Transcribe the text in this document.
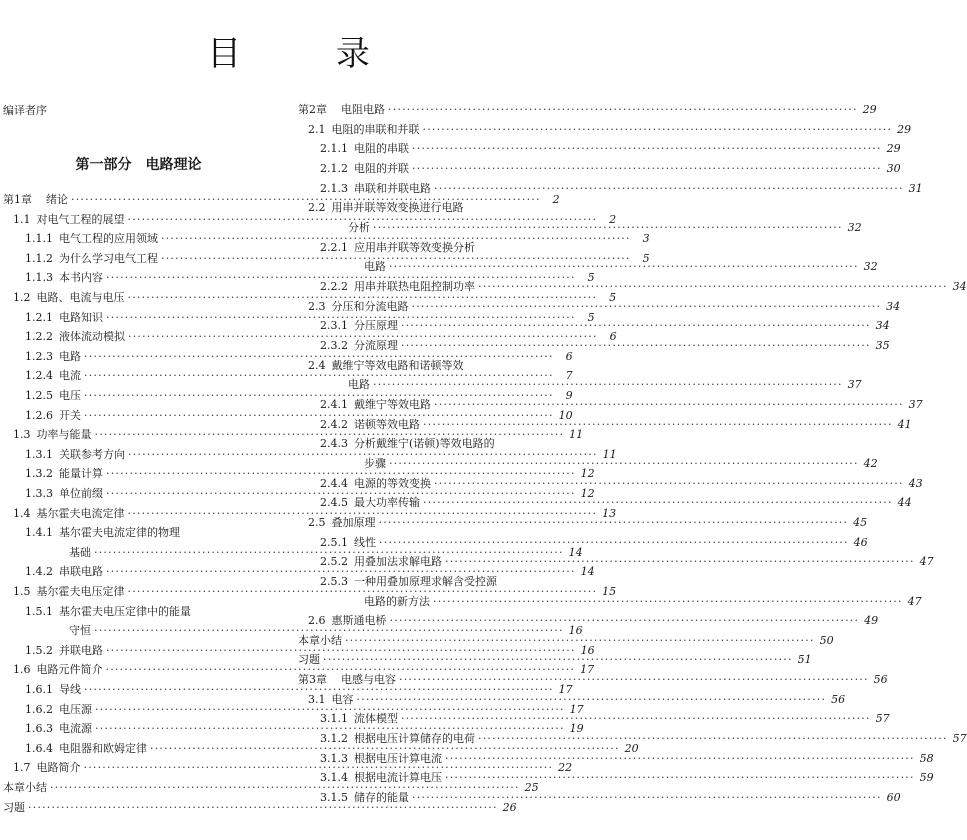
目 录
编译者序
第一部分　电路理论
第1章 绪论 ·····	2
1.1 对电气工程的展望 ·····	2
1.1.1 电气工程的应用领域 ·····	3
1.1.2 为什么学习电气工程 ·····	5
1.1.3 本书内容 ·····	5
1.2 电路、电流与电压 ·····	5
1.2.1 电路知识 ·····	5
1.2.2 液体流动模拟 ·····	6
1.2.3 电路 ·····	6
1.2.4 电流 ·····	7
1.2.5 电压 ·····	9
1.2.6 开关 ·····	10
1.3 功率与能量 ·····	11
1.3.1 关联参考方向 ·····	11
1.3.2 能量计算 ·····	12
1.3.3 单位前缀 ·····	12
1.4 基尔霍夫电流定律 ·····	13
1.4.1 基尔霍夫电流定律的物理
基础 ·····	14
1.4.2 串联电路 ·····	14
1.5 基尔霍夫电压定律 ·····	15
1.5.1 基尔霍夫电压定律中的能量
守恒 ·····	16
1.5.2 并联电路 ·····	16
1.6 电路元件简介 ·····	17
1.6.1 导线 ·····	17
1.6.2 电压源 ·····	17
1.6.3 电流源 ·····	19
1.6.4 电阻器和欧姆定律 ·····	20
1.7 电路简介 ·····	22
本章小结 ·····	25
习题 ·····	26
第2章 电阻电路 ·····	29
2.1 电阻的串联和并联 ·····	29
2.1.1 电阻的串联 ·····	29
2.1.2 电阻的并联 ·····	30
2.1.3 串联和并联电路 ·····	31
2.2 用串并联等效变换进行电路
分析 ·····	32
2.2.1 应用串并联等效变换分析
电路 ·····	32
2.2.2 用串并联热电阻控制功率 ·····	34
2.3 分压和分流电路 ·····	34
2.3.1 分压原理 ·····	34
2.3.2 分流原理 ·····	35
2.4 戴维宁等效电路和诺顿等效
电路 ·····	37
2.4.1 戴维宁等效电路 ·····	37
2.4.2 诺顿等效电路 ·····	41
2.4.3 分析戴维宁(诺顿)等效电路的
步骤 ·····	42
2.4.4 电源的等效变换 ·····	43
2.4.5 最大功率传输 ·····	44
2.5 叠加原理 ·····	45
2.5.1 线性 ·····	46
2.5.2 用叠加法求解电路 ·····	47
2.5.3 一种用叠加原理求解含受控源
电路的新方法 ·····	47
2.6 惠斯通电桥 ·····	49
本章小结 ·····	50
习题 ·····	51
第3章 电感与电容 ·····	56
3.1 电容 ·····	56
3.1.1 流体模型 ·····	57
3.1.2 根据电压计算储存的电荷 ·····	57
3.1.3 根据电压计算电流 ·····	58
3.1.4 根据电流计算电压 ·····	59
3.1.5 储存的能量 ·····	60
